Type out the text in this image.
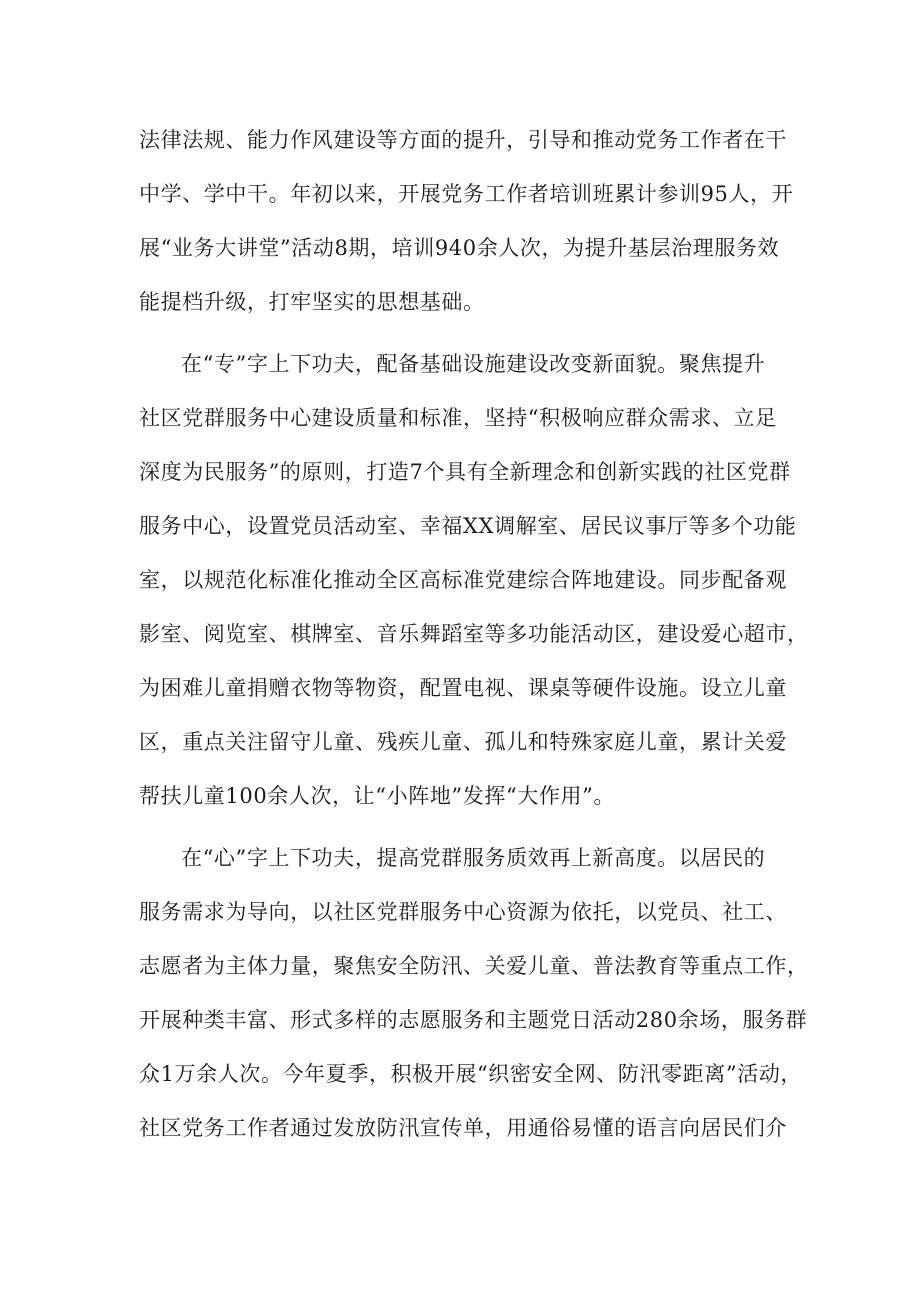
法律法规、能力作风建设等方面的提升，引导和推动党务工作者在干
中学、学中干。年初以来，开展党务工作者培训班累计参训95人，开
展“业务大讲堂”活动8期，培训940余人次，为提升基层治理服务效
能提档升级，打牢坚实的思想基础。
在“专”字上下功夫，配备基础设施建设改变新面貌。聚焦提升
社区党群服务中心建设质量和标准，坚持“积极响应群众需求、立足
深度为民服务”的原则，打造7个具有全新理念和创新实践的社区党群
服务中心，设置党员活动室、幸福XX调解室、居民议事厅等多个功能
室，以规范化标准化推动全区高标准党建综合阵地建设。同步配备观
影室、阅览室、棋牌室、音乐舞蹈室等多功能活动区，建设爱心超市，
为困难儿童捐赠衣物等物资，配置电视、课桌等硬件设施。设立儿童
区，重点关注留守儿童、残疾儿童、孤儿和特殊家庭儿童，累计关爱
帮扶儿童100余人次，让“小阵地”发挥“大作用”。
在“心”字上下功夫，提高党群服务质效再上新高度。以居民的
服务需求为导向，以社区党群服务中心资源为依托，以党员、社工、
志愿者为主体力量，聚焦安全防汛、关爱儿童、普法教育等重点工作，
开展种类丰富、形式多样的志愿服务和主题党日活动280余场，服务群
众1万余人次。今年夏季，积极开展“织密安全网、防汛零距离”活动，
社区党务工作者通过发放防汛宣传单，用通俗易懂的语言向居民们介
